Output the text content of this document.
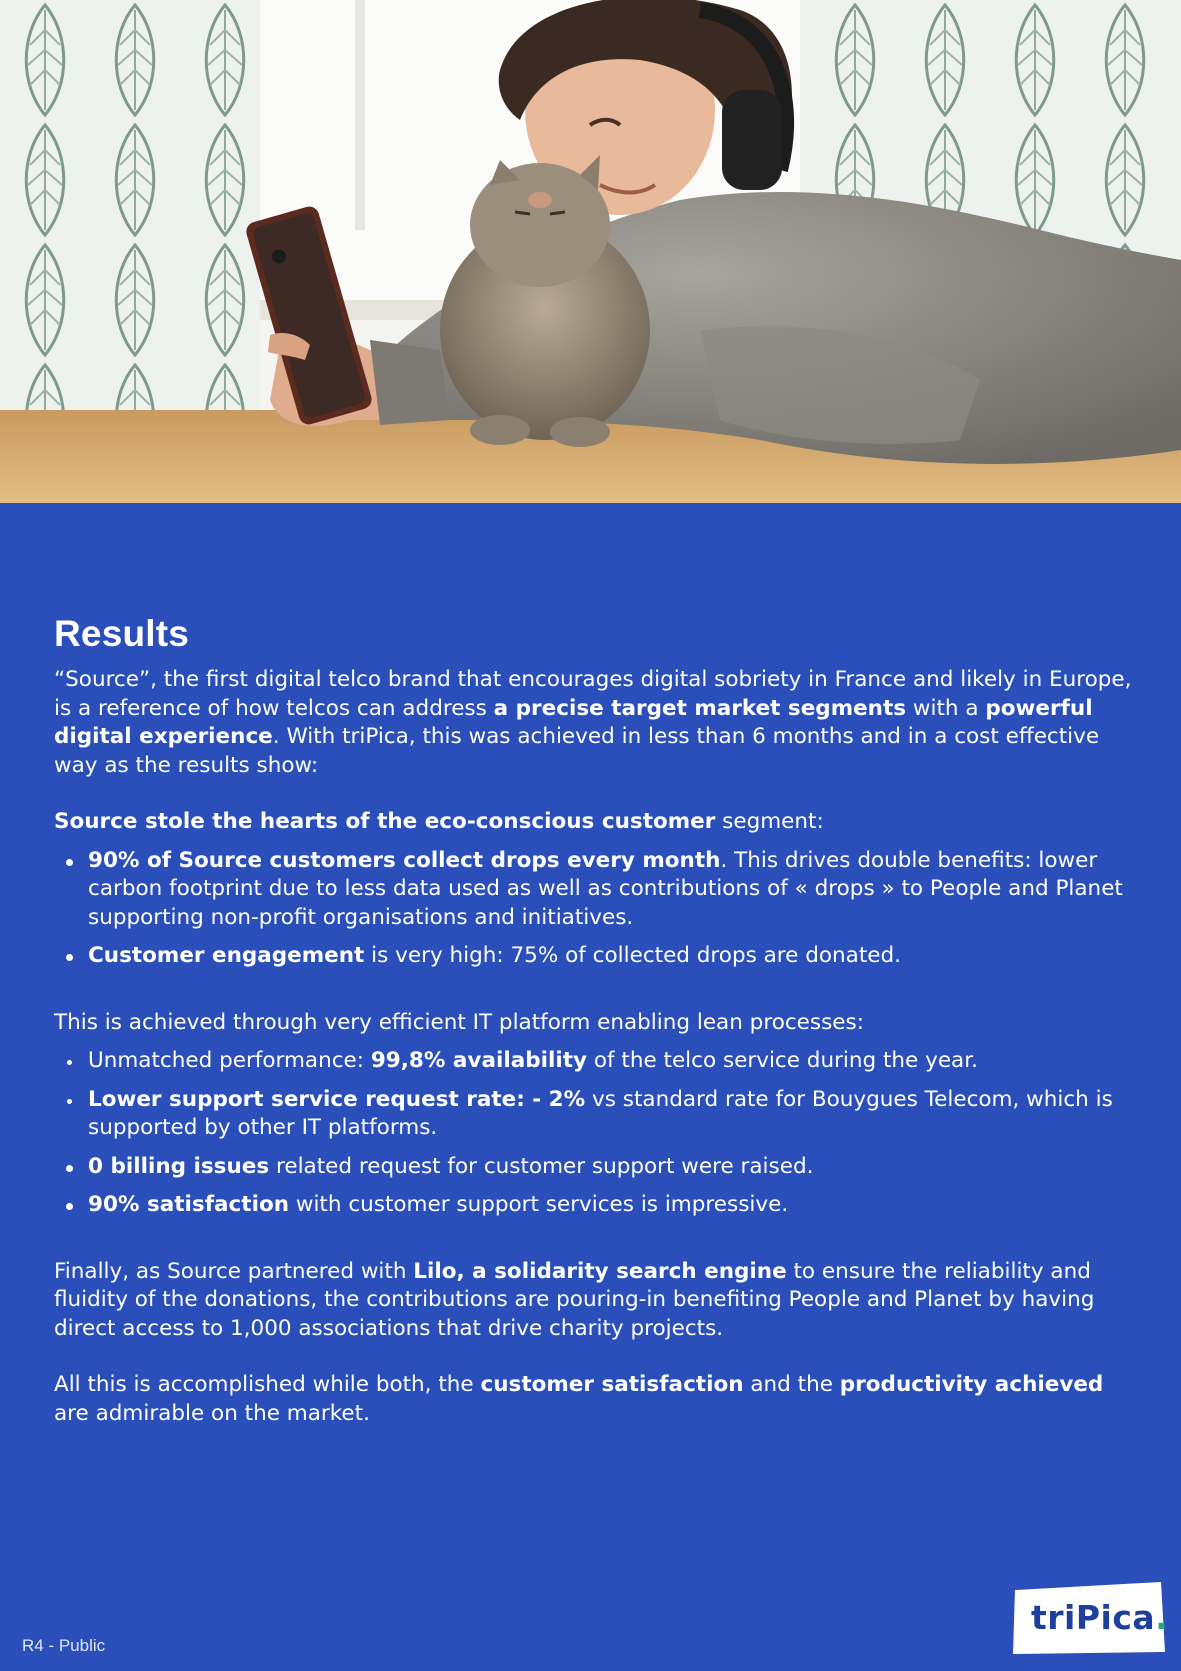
Results

“Source”, the first digital telco brand that encourages digital sobriety in France and likely in Europe, is a reference of how telcos can address a precise target market segments with a powerful digital experience. With triPica, this was achieved in less than 6 months and in a cost effective way as the results show:

Source stole the hearts of the eco-conscious customer segment:

90% of Source customers collect drops every month. This drives double benefits: lower carbon footprint due to less data used as well as contributions of « drops » to People and Planet supporting non-profit organisations and initiatives.
Customer engagement is very high: 75% of collected drops are donated.

This is achieved through very efficient IT platform enabling lean processes:

Unmatched performance: 99,8% availability of the telco service during the year.
Lower support service request rate: - 2% vs standard rate for Bouygues Telecom, which is supported by other IT platforms.
0 billing issues related request for customer support were raised.
90% satisfaction with customer support services is impressive.

Finally, as Source partnered with Lilo, a solidarity search engine to ensure the reliability and fluidity of the donations, the contributions are pouring-in benefiting People and Planet by having direct access to 1,000 associations that drive charity projects.

All this is accomplished while both, the customer satisfaction and the productivity achieved are admirable on the market.

R4 - Public
triPica.
